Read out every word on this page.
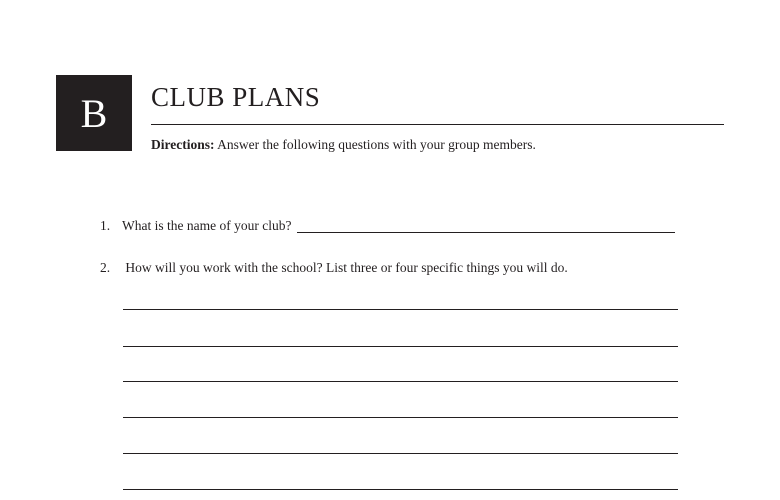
B CLUB PLANS
Directions: Answer the following questions with your group members.
1. What is the name of your club?
2. How will you work with the school? List three or four specific things you will do.
